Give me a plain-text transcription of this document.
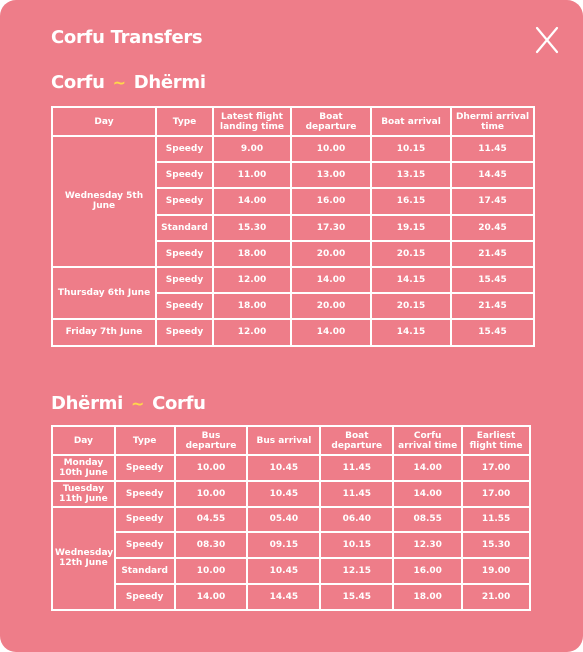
Corfu Transfers
Corfu ~ Dhërmi
Day	Type	Latest flight landing time	Boat departure	Boat arrival	Dhermi arrival time
Wednesday 5th June	Speedy	9.00	10.00	10.15	11.45
	Speedy	11.00	13.00	13.15	14.45
	Speedy	14.00	16.00	16.15	17.45
	Standard	15.30	17.30	19.15	20.45
	Speedy	18.00	20.00	20.15	21.45
Thursday 6th June	Speedy	12.00	14.00	14.15	15.45
	Speedy	18.00	20.00	20.15	21.45
Friday 7th June	Speedy	12.00	14.00	14.15	15.45
Dhërmi ~ Corfu
Day	Type	Bus departure	Bus arrival	Boat departure	Corfu arrival time	Earliest flight time
Monday 10th June	Speedy	10.00	10.45	11.45	14.00	17.00
Tuesday 11th June	Speedy	10.00	10.45	11.45	14.00	17.00
Wednesday 12th June	Speedy	04.55	05.40	06.40	08.55	11.55
	Speedy	08.30	09.15	10.15	12.30	15.30
	Standard	10.00	10.45	12.15	16.00	19.00
	Speedy	14.00	14.45	15.45	18.00	21.00
